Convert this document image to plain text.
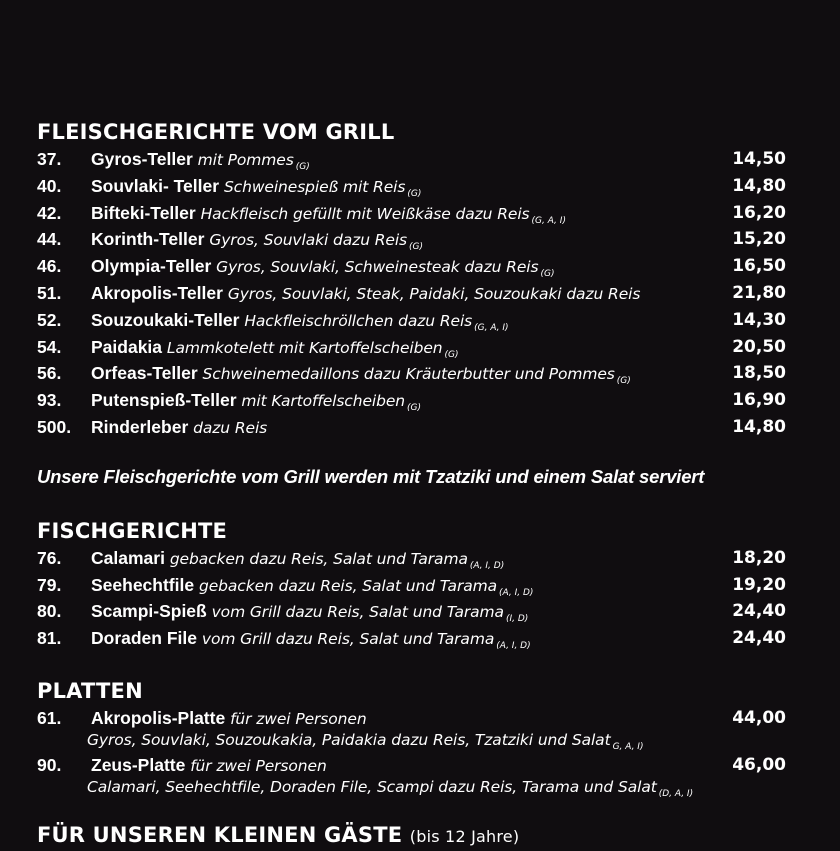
FLEISCHGERICHTE VOM GRILL
37.	Gyros-Teller mit Pommes $_{(G)}$	14,50
40.	Souvlaki- Teller Schweinespieß mit Reis $_{(G)}$	14,80
42.	Bifteki-Teller Hackfleisch gefüllt mit Weißkäse dazu Reis $_{(G, A, I)}$	16,20
44.	Korinth-Teller Gyros, Souvlaki dazu Reis $_{(G)}$	15,20
46.	Olympia-Teller Gyros, Souvlaki, Schweinesteak dazu Reis $_{(G)}$	16,50
51.	Akropolis-Teller Gyros, Souvlaki, Steak, Paidaki, Souzoukaki dazu Reis	21,80
52.	Souzoukaki-Teller Hackfleischröllchen dazu Reis $_{(G, A, I)}$	14,30
54.	Paidakia Lammkotelett mit Kartoffelscheiben $_{(G)}$	20,50
56.	Orfeas-Teller Schweinemedaillons dazu Kräuterbutter und Pommes $_{(G)}$	18,50
93.	Putenspieß-Teller mit Kartoffelscheiben $_{(G)}$	16,90
500.	Rinderleber dazu Reis	14,80
Unsere Fleischgerichte vom Grill werden mit Tzatziki und einem Salat serviert
FISCHGERICHTE
76.	Calamari gebacken dazu Reis, Salat und Tarama $_{(A, I, D)}$	18,20
79.	Seehechtfile gebacken dazu Reis, Salat und Tarama $_{(A, I, D)}$	19,20
80.	Scampi-Spieß vom Grill dazu Reis, Salat und Tarama $_{(I, D)}$	24,40
81.	Doraden File vom Grill dazu Reis, Salat und Tarama $_{(A, I, D)}$	24,40
PLATTEN
61.	Akropolis-Platte für zwei Personen	44,00
Gyros, Souvlaki, Souzoukakia, Paidakia dazu Reis, Tzatziki und Salat $_{G, A, I)}$
90.	Zeus-Platte für zwei Personen	46,00
Calamari, Seehechtfile, Doraden File, Scampi dazu Reis, Tarama und Salat $_{(D, A, I)}$
FÜR UNSEREN KLEINEN GÄSTE (bis 12 Jahre)
